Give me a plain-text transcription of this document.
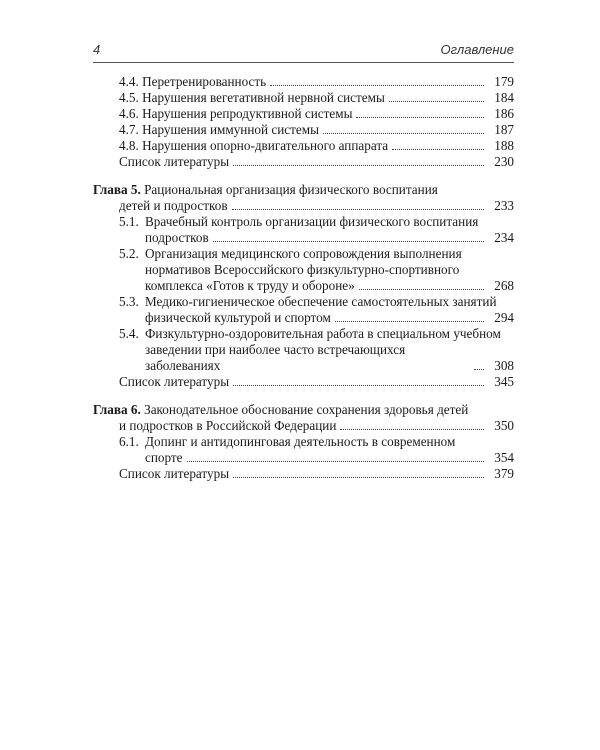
4	Оглавление
4.4. Перетренированность	179
4.5. Нарушения вегетативной нервной системы	184
4.6. Нарушения репродуктивной системы	186
4.7. Нарушения иммунной системы	187
4.8. Нарушения опорно-двигательного аппарата	188
Список литературы	230
Глава 5. Рациональная организация физического воспитания
детей и подростков	233
5.1. Врачебный контроль организации физического воспитания
подростков	234
5.2. Организация медицинского сопровождения выполнения
нормативов Всероссийского физкультурно-спортивного
комплекса «Готов к труду и обороне»	268
5.3. Медико-гигиеническое обеспечение самостоятельных занятий
физической культурой и спортом	294
5.4. Физкультурно-оздоровительная работа в специальном учебном
заведении при наиболее часто встречающихся заболеваниях	308
Список литературы	345
Глава 6. Законодательное обоснование сохранения здоровья детей
и подростков в Российской Федерации	350
6.1. Допинг и антидопинговая деятельность в современном
спорте	354
Список литературы	379
